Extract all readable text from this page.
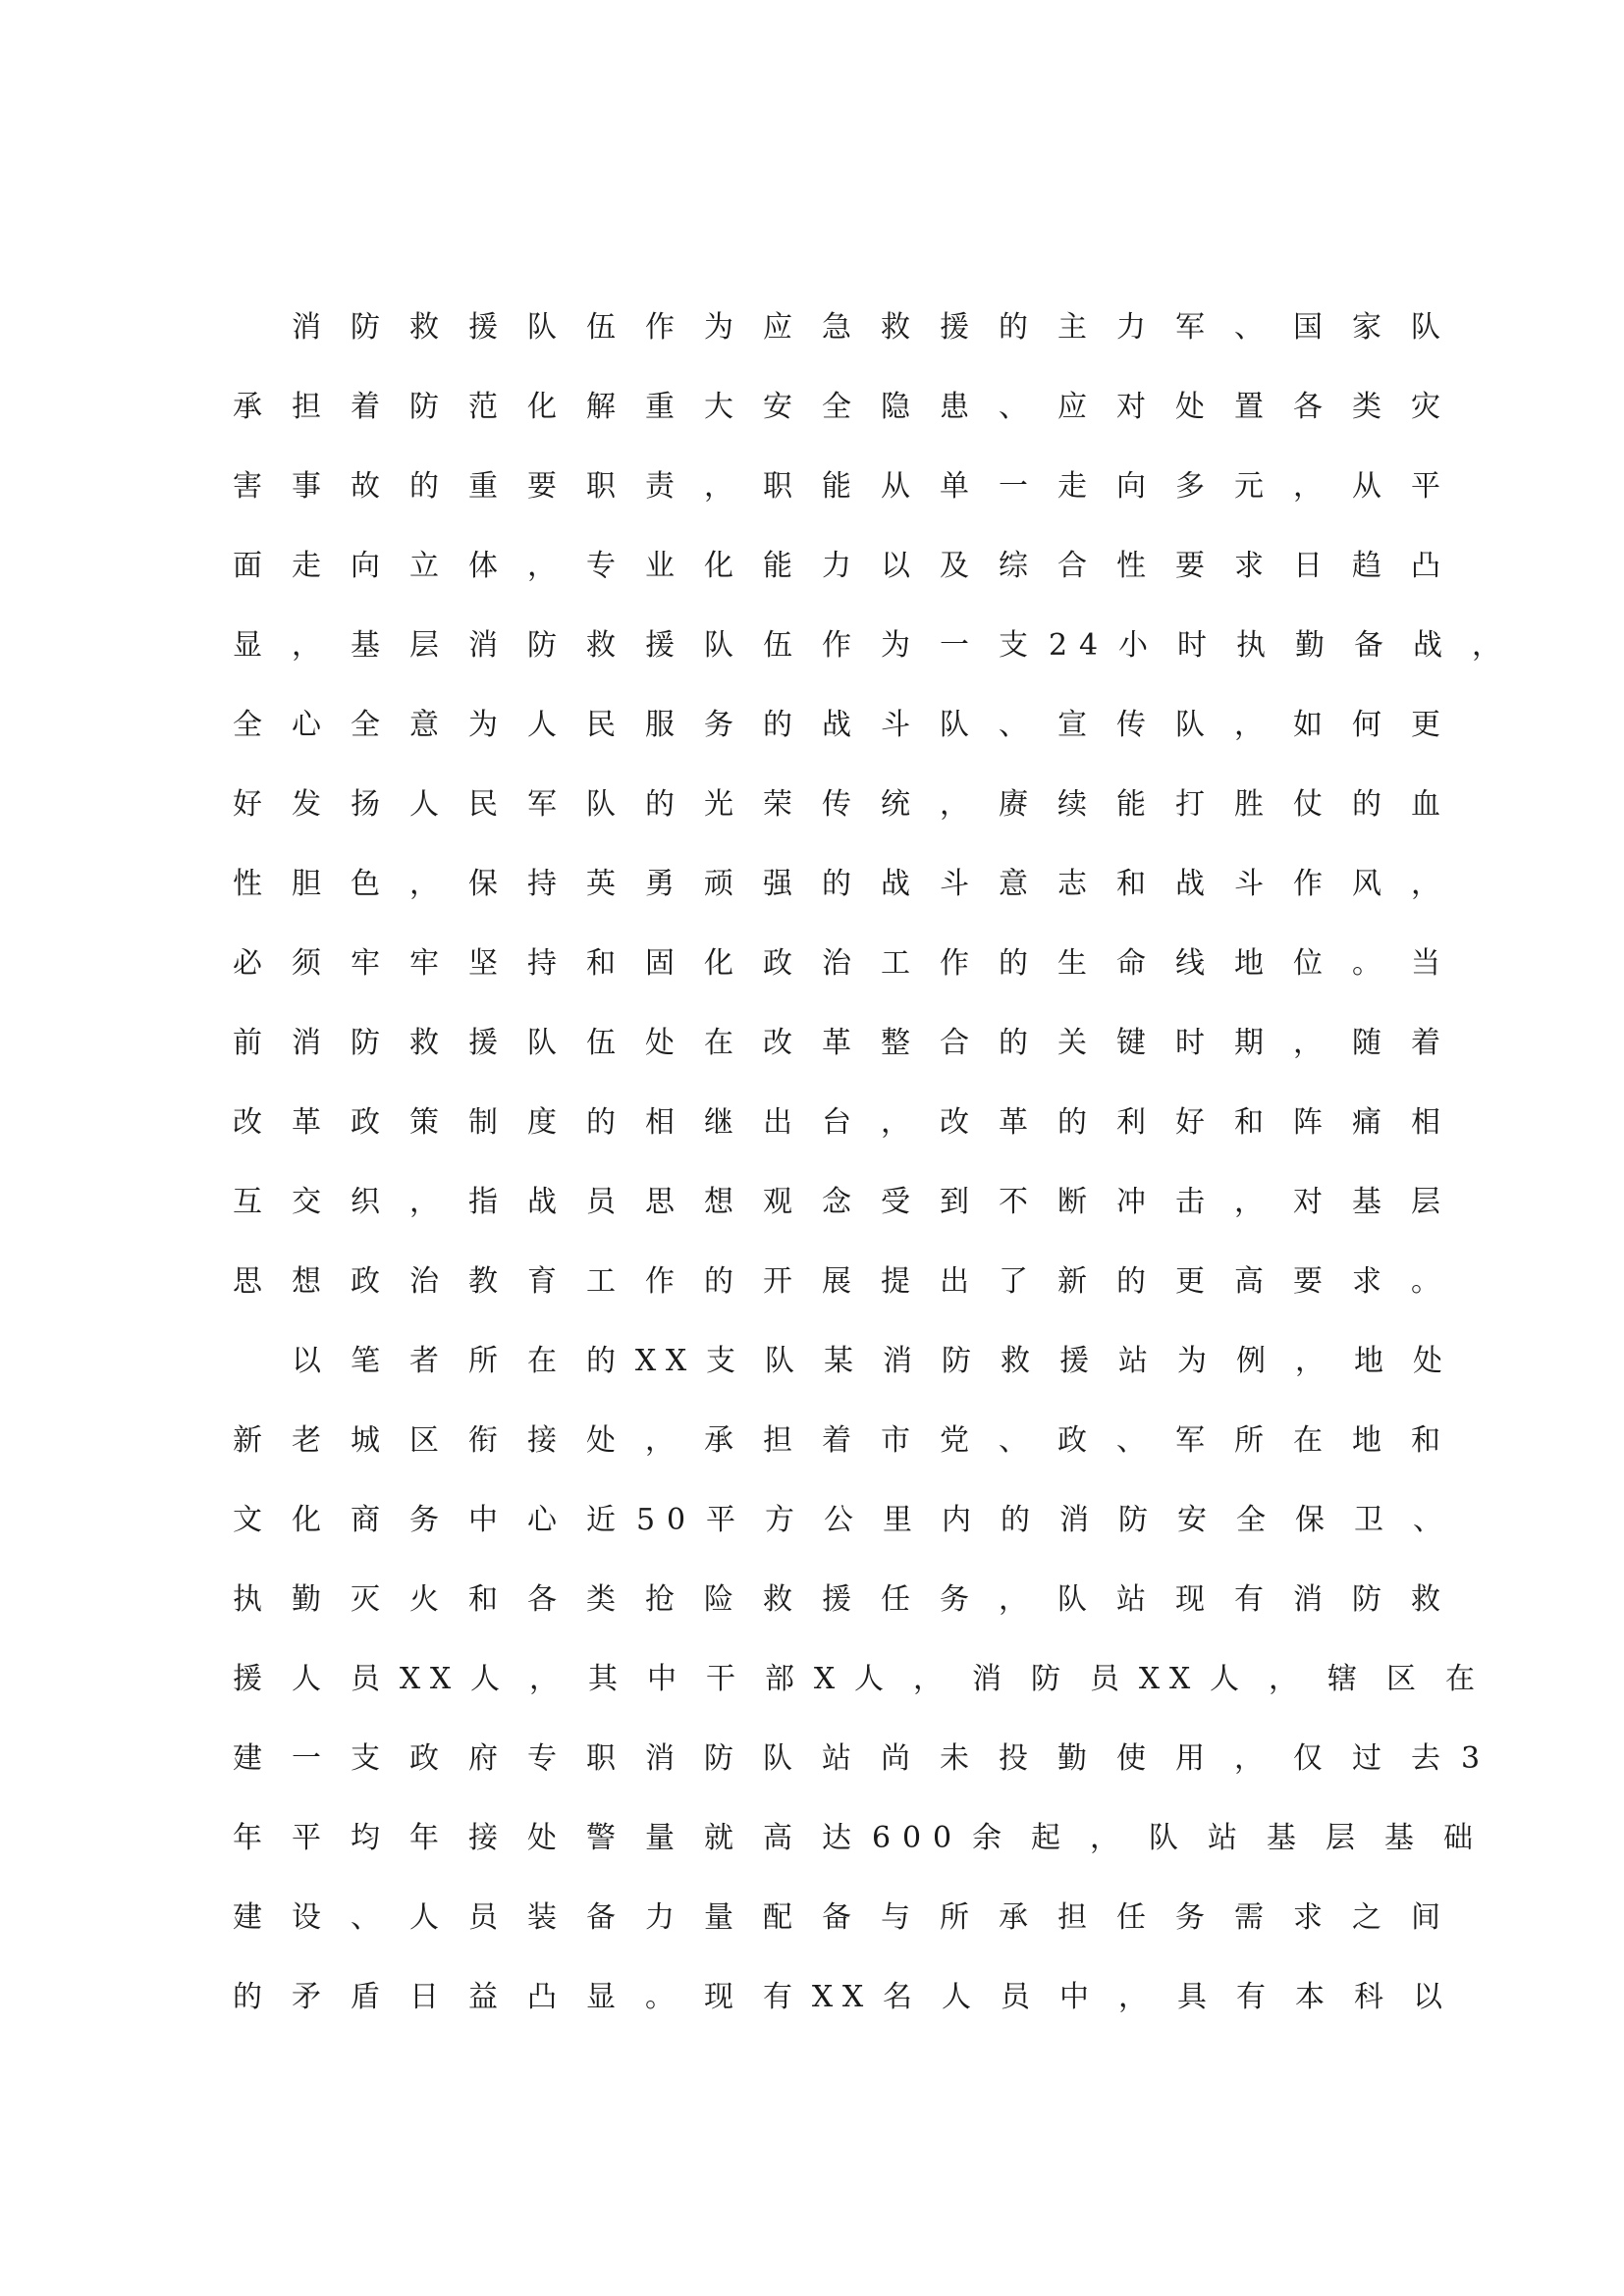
消 防 救 援 队 伍 作 为 应 急 救 援 的 主 力 军 、 国 家 队

承 担 着 防 范 化 解 重 大 安 全 隐 患 、 应 对 处 置 各 类 灾

害 事 故 的 重 要 职 责 ， 职 能 从 单 一 走 向 多 元 ， 从 平

面 走 向 立 体 ， 专 业 化 能 力 以 及 综 合 性 要 求 日 趋 凸

显 ， 基 层 消 防 救 援 队 伍 作 为 一 支 2 4 小 时 执 勤 备 战 ，

全 心 全 意 为 人 民 服 务 的 战 斗 队 、 宣 传 队 ， 如 何 更

好 发 扬 人 民 军 队 的 光 荣 传 统 ， 赓 续 能 打 胜 仗 的 血

性 胆 色 ， 保 持 英 勇 顽 强 的 战 斗 意 志 和 战 斗 作 风 ，

必 须 牢 牢 坚 持 和 固 化 政 治 工 作 的 生 命 线 地 位 。 当

前 消 防 救 援 队 伍 处 在 改 革 整 合 的 关 键 时 期 ， 随 着

改 革 政 策 制 度 的 相 继 出 台 ， 改 革 的 利 好 和 阵 痛 相

互 交 织 ， 指 战 员 思 想 观 念 受 到 不 断 冲 击 ， 对 基 层

思 想 政 治 教 育 工 作 的 开 展 提 出 了 新 的 更 高 要 求 。

以 笔 者 所 在 的 X X 支 队 某 消 防 救 援 站 为 例 ， 地 处

新 老 城 区 衔 接 处 ， 承 担 着 市 党 、 政 、 军 所 在 地 和

文 化 商 务 中 心 近 5 0 平 方 公 里 内 的 消 防 安 全 保 卫 、

执 勤 灭 火 和 各 类 抢 险 救 援 任 务 ， 队 站 现 有 消 防 救

援 人 员 X X 人 ， 其 中 干 部 X 人 ， 消 防 员 X X 人 ， 辖 区 在

建 一 支 政 府 专 职 消 防 队 站 尚 未 投 勤 使 用 ， 仅 过 去 3

年 平 均 年 接 处 警 量 就 高 达 6 0 0 余 起 ， 队 站 基 层 基 础

建 设 、 人 员 装 备 力 量 配 备 与 所 承 担 任 务 需 求 之 间

的 矛 盾 日 益 凸 显 。 现 有 X X 名 人 员 中 ， 具 有 本 科 以
